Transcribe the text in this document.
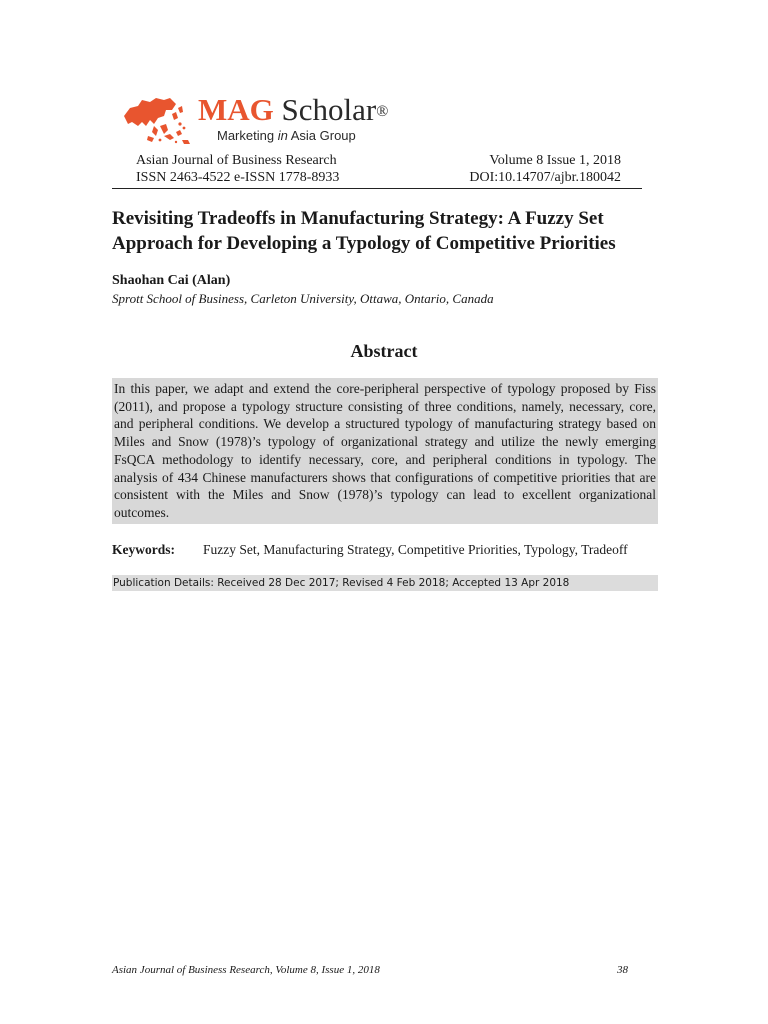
MAG Scholar®
Marketing in Asia Group
Asian Journal of Business Research
ISSN 2463-4522 e-ISSN 1778-8933
Volume 8 Issue 1, 2018
DOI:10.14707/ajbr.180042
Revisiting Tradeoffs in Manufacturing Strategy: A Fuzzy Set Approach for Developing a Typology of Competitive Priorities
Shaohan Cai (Alan)
Sprott School of Business, Carleton University, Ottawa, Ontario, Canada
Abstract

In this paper, we adapt and extend the core-peripheral perspective of typology proposed by Fiss (2011), and propose a typology structure consisting of three conditions, namely, necessary, core, and peripheral conditions. We develop a structured typology of manufacturing strategy based on Miles and Snow (1978)’s typology of organizational strategy and utilize the newly emerging FsQCA methodology to identify necessary, core, and peripheral conditions in typology. The analysis of 434 Chinese manufacturers shows that configurations of competitive priorities that are consistent with the Miles and Snow (1978)’s typology can lead to excellent organizational outcomes.

Keywords: Fuzzy Set, Manufacturing Strategy, Competitive Priorities, Typology, Tradeoff
Publication Details: Received 28 Dec 2017; Revised 4 Feb 2018; Accepted 13 Apr 2018
Asian Journal of Business Research, Volume 8, Issue 1, 2018	38
